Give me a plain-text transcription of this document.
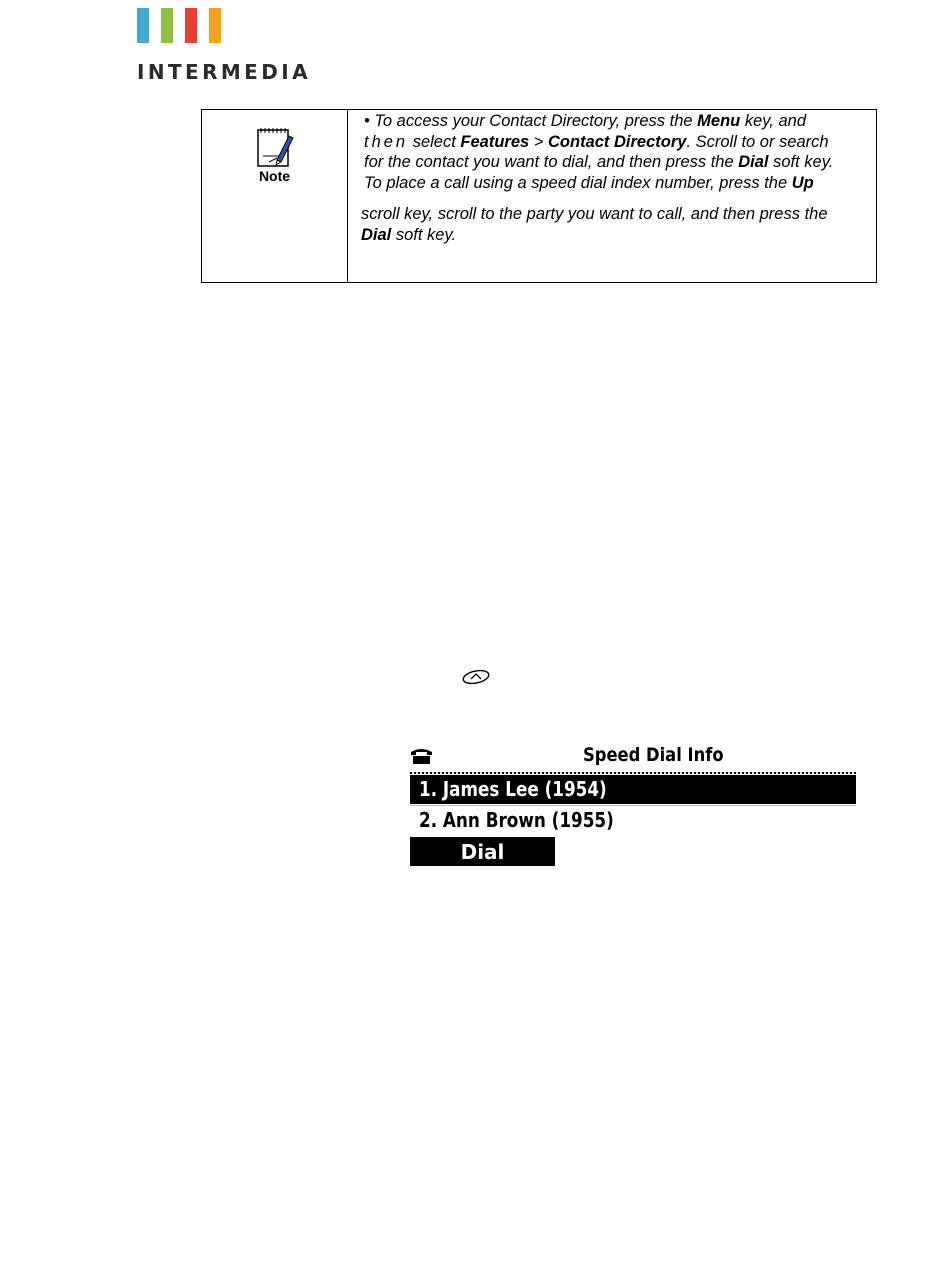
INTERMEDIA
Note
• To access your Contact Directory, press the Menu key, and
then select Features > Contact Directory. Scroll to or search
for the contact you want to dial, and then press the Dial soft key.
To place a call using a speed dial index number, press the Up
scroll key, scroll to the party you want to call, and then press the
Dial soft key.
Speed Dial Info
1. James Lee (1954)
2. Ann Brown (1955)
Dial
